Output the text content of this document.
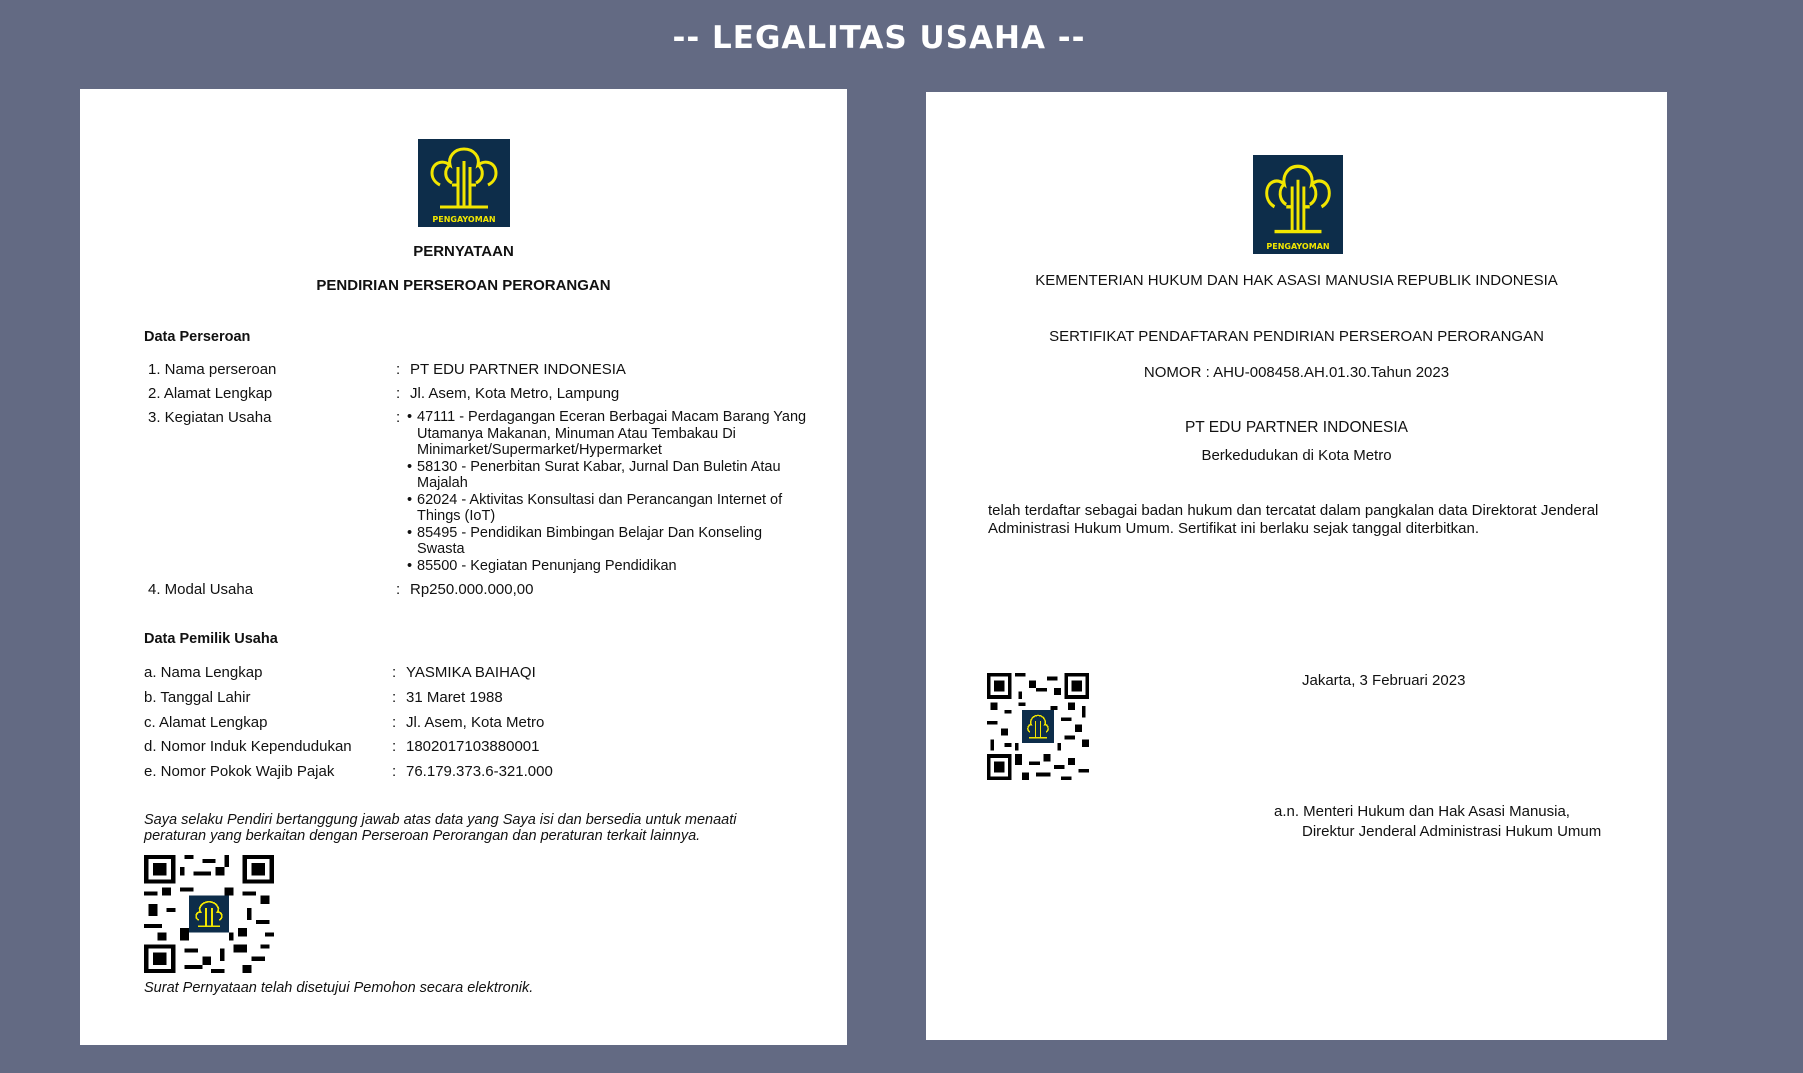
-- LEGALITAS USAHA --
PENGAYOMAN
PERNYATAAN
PENDIRIAN PERSEROAN PERORANGAN
Data Perseroan
1. Nama perseroan	: PT EDU PARTNER INDONESIA
2. Alamat Lengkap	: Jl. Asem, Kota Metro, Lampung
3. Kegiatan Usaha	: • 47111 - Perdagangan Eceran Berbagai Macam Barang Yang Utamanya Makanan, Minuman Atau Tembakau Di Minimarket/Supermarket/Hypermarket
• 58130 - Penerbitan Surat Kabar, Jurnal Dan Buletin Atau Majalah
• 62024 - Aktivitas Konsultasi dan Perancangan Internet of Things (IoT)
• 85495 - Pendidikan Bimbingan Belajar Dan Konseling Swasta
• 85500 - Kegiatan Penunjang Pendidikan
4. Modal Usaha	: Rp250.000.000,00
Data Pemilik Usaha
a. Nama Lengkap	: YASMIKA BAIHAQI
b. Tanggal Lahir	: 31 Maret 1988
c. Alamat Lengkap	: Jl. Asem, Kota Metro
d. Nomor Induk Kependudukan	: 1802017103880001
e. Nomor Pokok Wajib Pajak	: 76.179.373.6-321.000
Saya selaku Pendiri bertanggung jawab atas data yang Saya isi dan bersedia untuk menaati
peraturan yang berkaitan dengan Perseroan Perorangan dan peraturan terkait lainnya.
Surat Pernyataan telah disetujui Pemohon secara elektronik.
PENGAYOMAN
KEMENTERIAN HUKUM DAN HAK ASASI MANUSIA REPUBLIK INDONESIA
SERTIFIKAT PENDAFTARAN PENDIRIAN PERSEROAN PERORANGAN
NOMOR : AHU-008458.AH.01.30.Tahun 2023
PT EDU PARTNER INDONESIA
Berkedudukan di Kota Metro
telah terdaftar sebagai badan hukum dan tercatat dalam pangkalan data Direktorat Jenderal
Administrasi Hukum Umum. Sertifikat ini berlaku sejak tanggal diterbitkan.
Jakarta, 3 Februari 2023
a.n. Menteri Hukum dan Hak Asasi Manusia,
Direktur Jenderal Administrasi Hukum Umum
